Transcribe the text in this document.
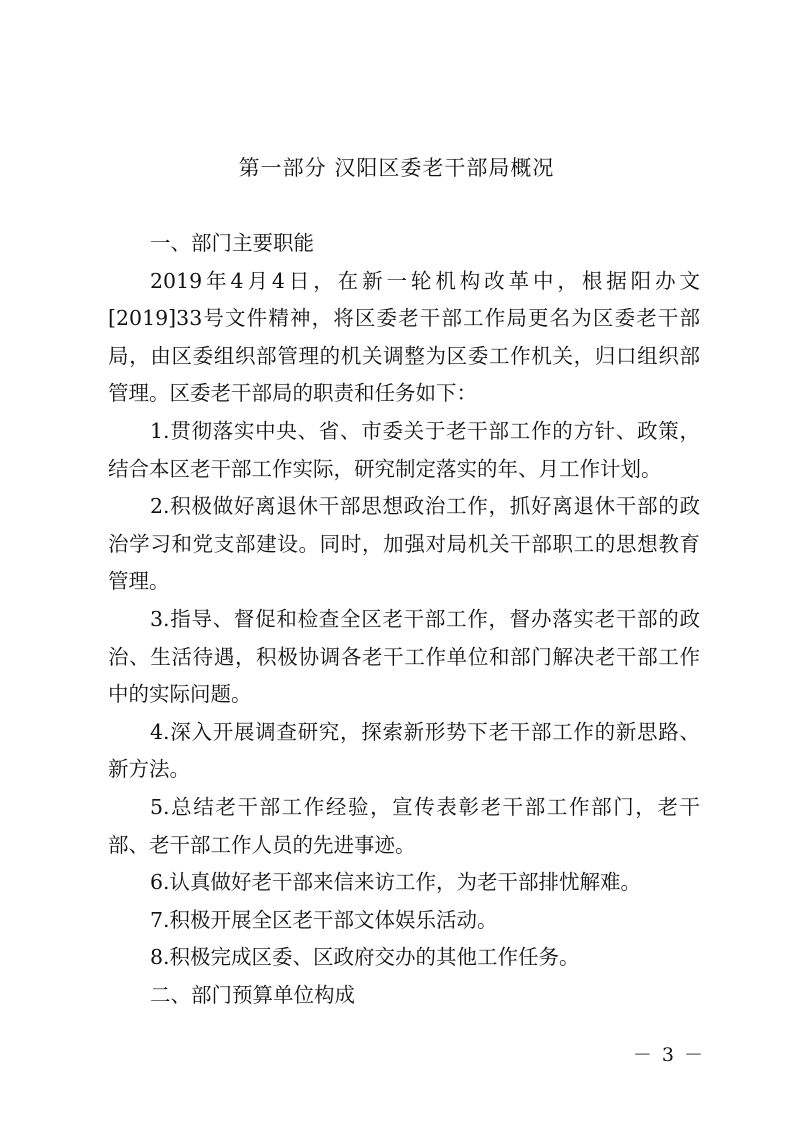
第一部分 汉阳区委老干部局概况

一、部门主要职能

2019年4月4日，在新一轮机构改革中，根据阳办文[2019]33号文件精神，将区委老干部工作局更名为区委老干部局，由区委组织部管理的机关调整为区委工作机关，归口组织部管理。区委老干部局的职责和任务如下：

1.贯彻落实中央、省、市委关于老干部工作的方针、政策，结合本区老干部工作实际，研究制定落实的年、月工作计划。

2.积极做好离退休干部思想政治工作，抓好离退休干部的政治学习和党支部建设。同时，加强对局机关干部职工的思想教育管理。

3.指导、督促和检查全区老干部工作，督办落实老干部的政治、生活待遇，积极协调各老干工作单位和部门解决老干部工作中的实际问题。

4.深入开展调查研究，探索新形势下老干部工作的新思路、新方法。

5.总结老干部工作经验，宣传表彰老干部工作部门，老干部、老干部工作人员的先进事迹。

6.认真做好老干部来信来访工作，为老干部排忧解难。

7.积极开展全区老干部文体娱乐活动。

8.积极完成区委、区政府交办的其他工作任务。

二、部门预算单位构成

－ 3 －
